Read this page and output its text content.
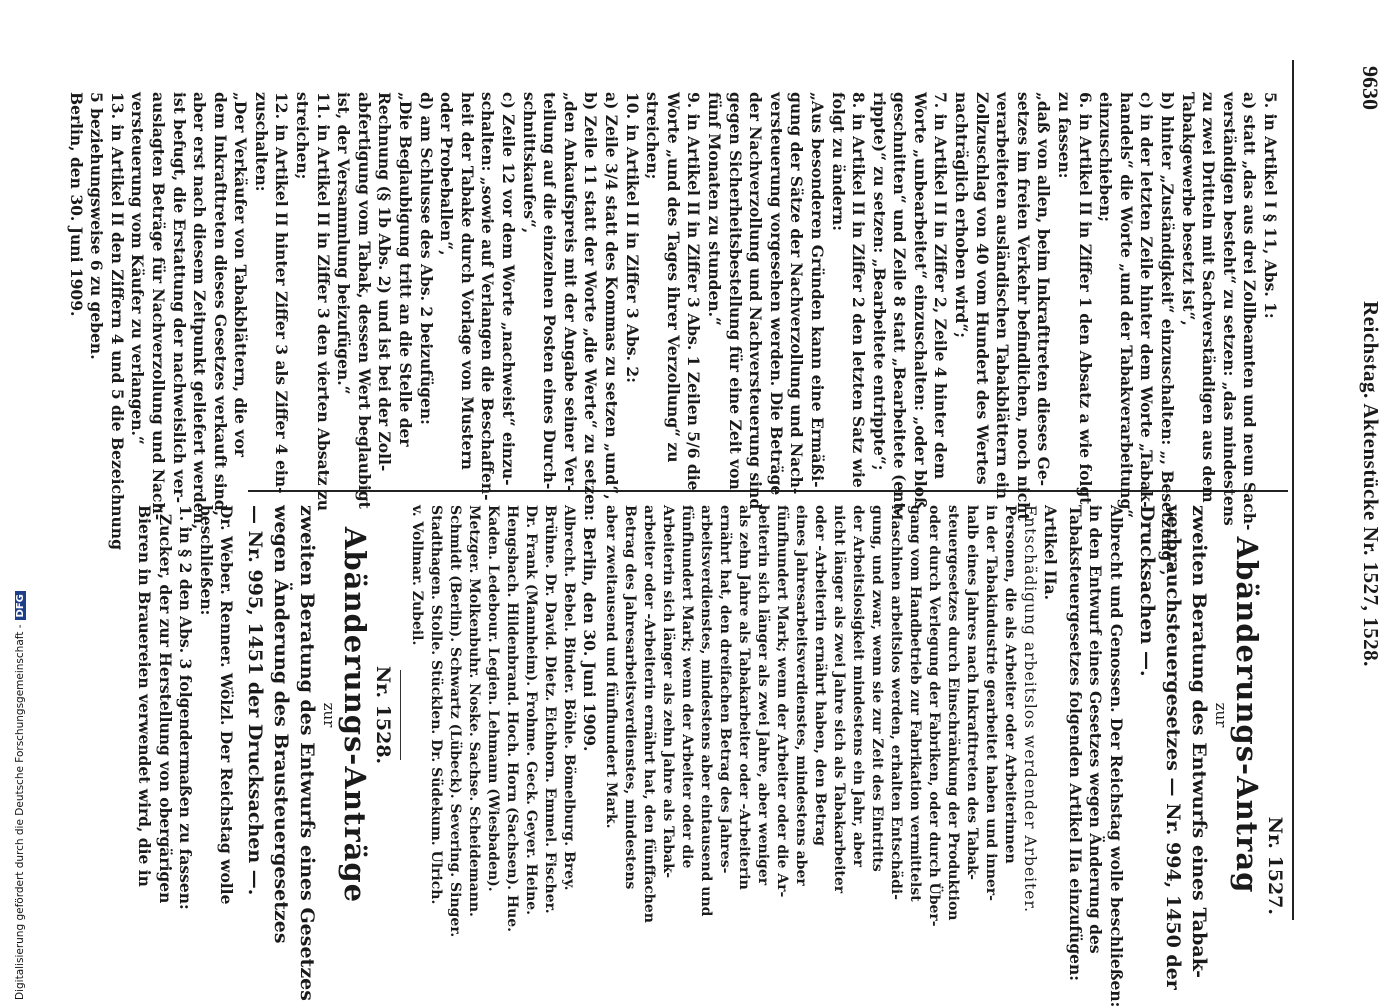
9630
Reichstag. Aktenstücke Nr. 1527, 1528.

5. in Artikel I § 11, Abs. 1:

a) statt „das aus drei Zollbeamten und neun Sach-

verständigen besteht“ zu setzen: „das mindestens

zu zwei Dritteln mit Sachverständigen aus dem

Tabakgewerbe besetzt ist“,

b) hinter „Zuständigkeit“ einzuschalten: „, Besetzung“,

c) in der letzten Zeile hinter dem Worte „Tabak-

handels“ die Worte „und der Tabakverarbeitung“

einzuschieben;

6. in Artikel II in Ziffer 1 den Absatz a wie folgt

zu fassen:

„daß von allen, beim Inkrafttreten dieses Ge-

setzes im freien Verkehr befindlichen, noch nicht

verarbeiteten ausländischen Tabakblättern ein

Zollzuschlag von 40 vom Hundert des Wertes

nachträglich erhoben wird“;

7. in Artikel II in Ziffer 2, Zeile 4 hinter dem

Worte „unbearbeitet“ einzuschalten: „oder bloß

geschnitten“ und Zeile 8 statt „Bearbeitete (ent-

rippte)“ zu setzen: „Bearbeitete entrippte“;

8. in Artikel II in Ziffer 2 den letzten Satz wie

folgt zu ändern:

„Aus besonderen Gründen kann eine Ermäßi-

gung der Sätze der Nachverzollung und Nach-

versteuerung vorgesehen werden. Die Beträge

der Nachverzollung und Nachversteuerung sind

gegen Sicherheitsbestellung für eine Zeit von

fünf Monaten zu stunden.“

9. in Artikel II in Ziffer 3 Abs. 1 Zeilen 5/6 die

Worte „und des Tages ihrer Verzollung“ zu

streichen;

10. in Artikel II in Ziffer 3 Abs. 2:

a) Zeile 3/4 statt des Kommas zu setzen „und“,

b) Zeile 11 statt der Worte „die Werte“ zu setzen:

„den Ankaufspreis mit der Angabe seiner Ver-

teilung auf die einzelnen Posten eines Durch-

schnittskaufes“,

c) Zeile 12 vor dem Worte „nachweist“ einzu-

schalten: „sowie auf Verlangen die Beschaffen-

heit der Tabake durch Vorlage von Mustern

oder Probeballen“,

d) am Schlusse des Abs. 2 beizufügen:

„Die Beglaubigung tritt an die Stelle der

Rechnung (§ 1b Abs. 2) und ist bei der Zoll-

abfertigung vom Tabak, dessen Wert beglaubigt

ist, der Versammlung beizufügen.“

11. in Artikel II in Ziffer 3 den vierten Absatz zu

streichen;

12. in Artikel II hinter Ziffer 3 als Ziffer 4 ein-

zuschalten:

„Der Verkäufer von Tabakblättern, die vor

dem Inkrafttreten dieses Gesetzes verkauft sind,

aber erst nach diesem Zeitpunkt geliefert werden,

ist befugt, die Erstattung der nachweislich ver-

auslagten Beträge für Nachverzollung und Nach-

versteuerung vom Käufer zu verlangen.“

13. in Artikel II den Ziffern 4 und 5 die Bezeichnung

5 beziehungsweise 6 zu geben.

Berlin, den 30. Juni 1909.

Nr. 1527.
Abänderungs-Antrag
zur

zweiten Beratung des Entwurfs eines Tabak-

verbrauchsteuergesetzes — Nr. 994, 1450 der

Drucksachen —.

Albrecht und Genossen. Der Reichstag wolle beschließen:

in den Entwurf eines Gesetzes wegen Änderung des

Tabaksteuergesetzes folgenden Artikel IIa einzufügen:

Artikel IIa.
Entschädigung arbeitslos werdender Arbeiter.

Personen, die als Arbeiter oder Arbeiterinnen

in der Tabakindustrie gearbeitet haben und inner-

halb eines Jahres nach Inkrafttreten des Tabak-

steuergesetzes durch Einschränkung der Produktion

oder durch Verlegung der Fabriken, oder durch Über-

gang vom Handbetrieb zur Fabrikation vermittelst

Maschinen arbeitslos werden, erhalten Entschädi-

gung, und zwar, wenn sie zur Zeit des Eintritts

der Arbeitslosigkeit mindestens ein Jahr, aber

nicht länger als zwei Jahre sich als Tabakarbeiter

oder -Arbeiterin ernährt haben, den Betrag

eines Jahresarbeitsverdienstes, mindestens aber

fünfhundert Mark; wenn der Arbeiter oder die Ar-

beiterin sich länger als zwei Jahre, aber weniger

als zehn Jahre als Tabakarbeiter oder -Arbeiterin

ernährt hat, den dreifachen Betrag des Jahres-

arbeitsverdienstes, mindestens aber eintausend und

fünfhundert Mark; wenn der Arbeiter oder die

Arbeiterin sich länger als zehn Jahre als Tabak-

arbeiter oder -Arbeiterin ernährt hat, den fünffachen

Betrag des Jahresarbeitsverdienstes, mindestens

aber zweitausend und fünfhundert Mark.

Berlin, den 30. Juni 1909.

Albrecht. Bebel. Binder. Böhle. Bömelburg. Brey.

Brühne. Dr. David. Dietz. Eichhorn. Emmel. Fischer.

Dr. Frank (Mannheim). Frohme. Geck. Geyer. Heine.

Hengsbach. Hildenbrand. Hoch. Horn (Sachsen). Hue.

Kaden. Ledebour. Legien. Lehmann (Wiesbaden).

Metzger. Molkenbuhr. Noske. Sachse. Scheidemann.

Schmidt (Berlin). Schwartz (Lübeck). Severing. Singer.

Stadthagen. Stolle. Stücklen. Dr. Südekum. Ulrich.

v. Vollmar. Zubeil.

Nr. 1528.
Abänderungs-Anträge
zur

zweiten Beratung des Entwurfs eines Gesetzes

wegen Änderung des Brausteuergesetzes

— Nr. 995, 1451 der Drucksachen —.

Dr. Weber. Renner. Wölzl. Der Reichstag wolle

beschließen:

1. in § 2 den Abs. 3 folgendermaßen zu fassen:

„Zucker, der zur Herstellung von obergärigen

Bieren in Brauereien verwendet wird, die in

Digitalisierung gefördert durch die Deutsche Forschungsgemeinschaft -DFG
